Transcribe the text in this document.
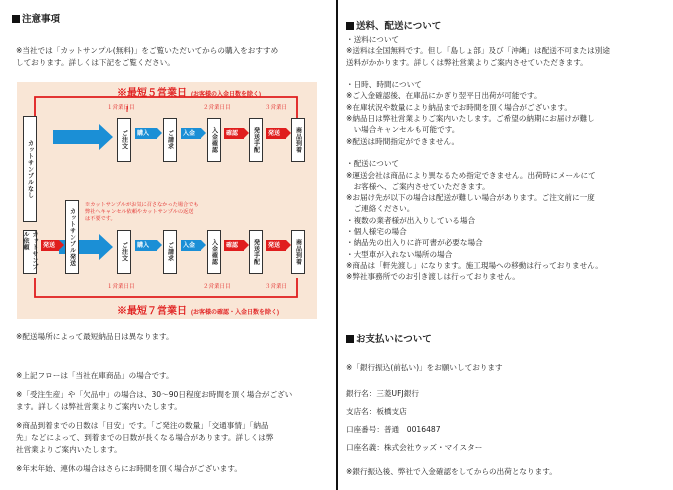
注意事項
※当社では「カットサンプル(無料)」をご覧いただいてからの購入をおすすめ
しております。詳しくは下記をご覧ください。
※最短５営業日 (お客様の入金日数を除く)
１営業日目	２営業日目	３営業日
カットサンプルなし	ご注文	購入	ご請求	入金	入金確認	確認	発送手配	発送	商品到着
カットサンプル依頼	発送	カットサンプル発送
※カットサンプルがお気に召さなかった場合でも
弊社へキャンセル依頼やカットサンプルの返送
は不要です。
ご注文	購入	ご請求	入金	入金確認	確認	発送手配	発送	商品到着
１営業日目	２営業日目	３営業日
※最短７営業日 (お客様の確認・入金日数を除く)
※配送場所によって最短納品日は異なります。
※上記フローは「当社在庫商品」の場合です。
※「受注生産」や「欠品中」の場合は、30～90日程度お時間を頂く場合がござい
ます。詳しくは弊社営業よりご案内いたします。
※商品到着までの日数は「目安」です。「ご発注の数量」「交通事情」「納品
先」などによって、到着までの日数が長くなる場合があります。詳しくは弊
社営業よりご案内いたします。
※年末年始、連休の場合はさらにお時間を頂く場合がございます。
送料、配送について
・送料について
※送料は全国無料です。但し「島しょ部」及び「沖縄」は配送不可または別途
送料がかかります。詳しくは弊社営業よりご案内させていただきます。
・日時、時間について
※ご入金確認後、在庫品にかぎり翌平日出荷が可能です。
※在庫状況や数量により納品までお時間を頂く場合がございます。
※納品日は弊社営業よりご案内いたします。ご希望の納期にお届けが難し
　い場合キャンセルも可能です。
※配送は時間指定ができません。
・配送について
※運送会社は商品により異なるため指定できません。出荷時にメールにて
　お客様へ、ご案内させていただきます。
※お届け先が以下の場合は配送が難しい場合があります。ご注文前に一度
　ご連絡ください。
・複数の業者様が出入りしている場合
・個人様宅の場合
・納品先の出入りに許可書が必要な場合
・大型車が入れない場所の場合
※商品は「軒先渡し」になります。施工現場への移動は行っておりません。
※弊社事務所でのお引き渡しは行っておりません。
お支払いについて
※「銀行振込(前払い)」をお願いしております
銀行名：三菱UFJ銀行
支店名：板橋支店
口座番号：普通　0016487
口座名義：株式会社ウッズ・マイスター
※銀行振込後、弊社で入金確認をしてからの出荷となります。
